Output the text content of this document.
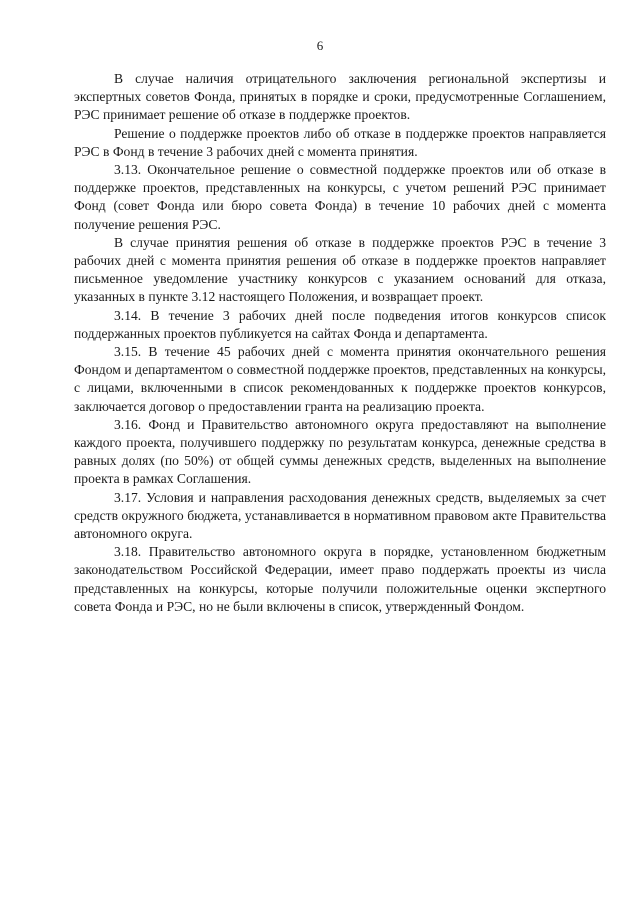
6

В случае наличия отрицательного заключения региональной экспертизы и экспертных советов Фонда, принятых в порядке и сроки, предусмотренные Соглашением, РЭС принимает решение об отказе в поддержке проектов.

Решение о поддержке проектов либо об отказе в поддержке проектов направляется РЭС в Фонд в течение 3 рабочих дней с момента принятия.

3.13. Окончательное решение о совместной поддержке проектов или об отказе в поддержке проектов, представленных на конкурсы, с учетом решений РЭС принимает Фонд (совет Фонда или бюро совета Фонда) в течение 10 рабочих дней с момента получение решения РЭС.

В случае принятия решения об отказе в поддержке проектов РЭС в течение 3 рабочих дней с момента принятия решения об отказе в поддержке проектов направляет письменное уведомление участнику конкурсов с указанием оснований для отказа, указанных в пункте 3.12 настоящего Положения, и возвращает проект.

3.14. В течение 3 рабочих дней после подведения итогов конкурсов список поддержанных проектов публикуется на сайтах Фонда и департамента.

3.15. В течение 45 рабочих дней с момента принятия окончательного решения Фондом и департаментом о совместной поддержке проектов, представленных на конкурсы, с лицами, включенными в список рекомендованных к поддержке проектов конкурсов, заключается договор о предоставлении гранта на реализацию проекта.

3.16. Фонд и Правительство автономного округа предоставляют на выполнение каждого проекта, получившего поддержку по результатам конкурса, денежные средства в равных долях (по 50%) от общей суммы денежных средств, выделенных на выполнение проекта в рамках Соглашения.

3.17. Условия и направления расходования денежных средств, выделяемых за счет средств окружного бюджета, устанавливается в нормативном правовом акте Правительства автономного округа.

3.18. Правительство автономного округа в порядке, установленном бюджетным законодательством Российской Федерации, имеет право поддержать проекты из числа представленных на конкурсы, которые получили положительные оценки экспертного совета Фонда и РЭС, но не были включены в список, утвержденный Фондом.
